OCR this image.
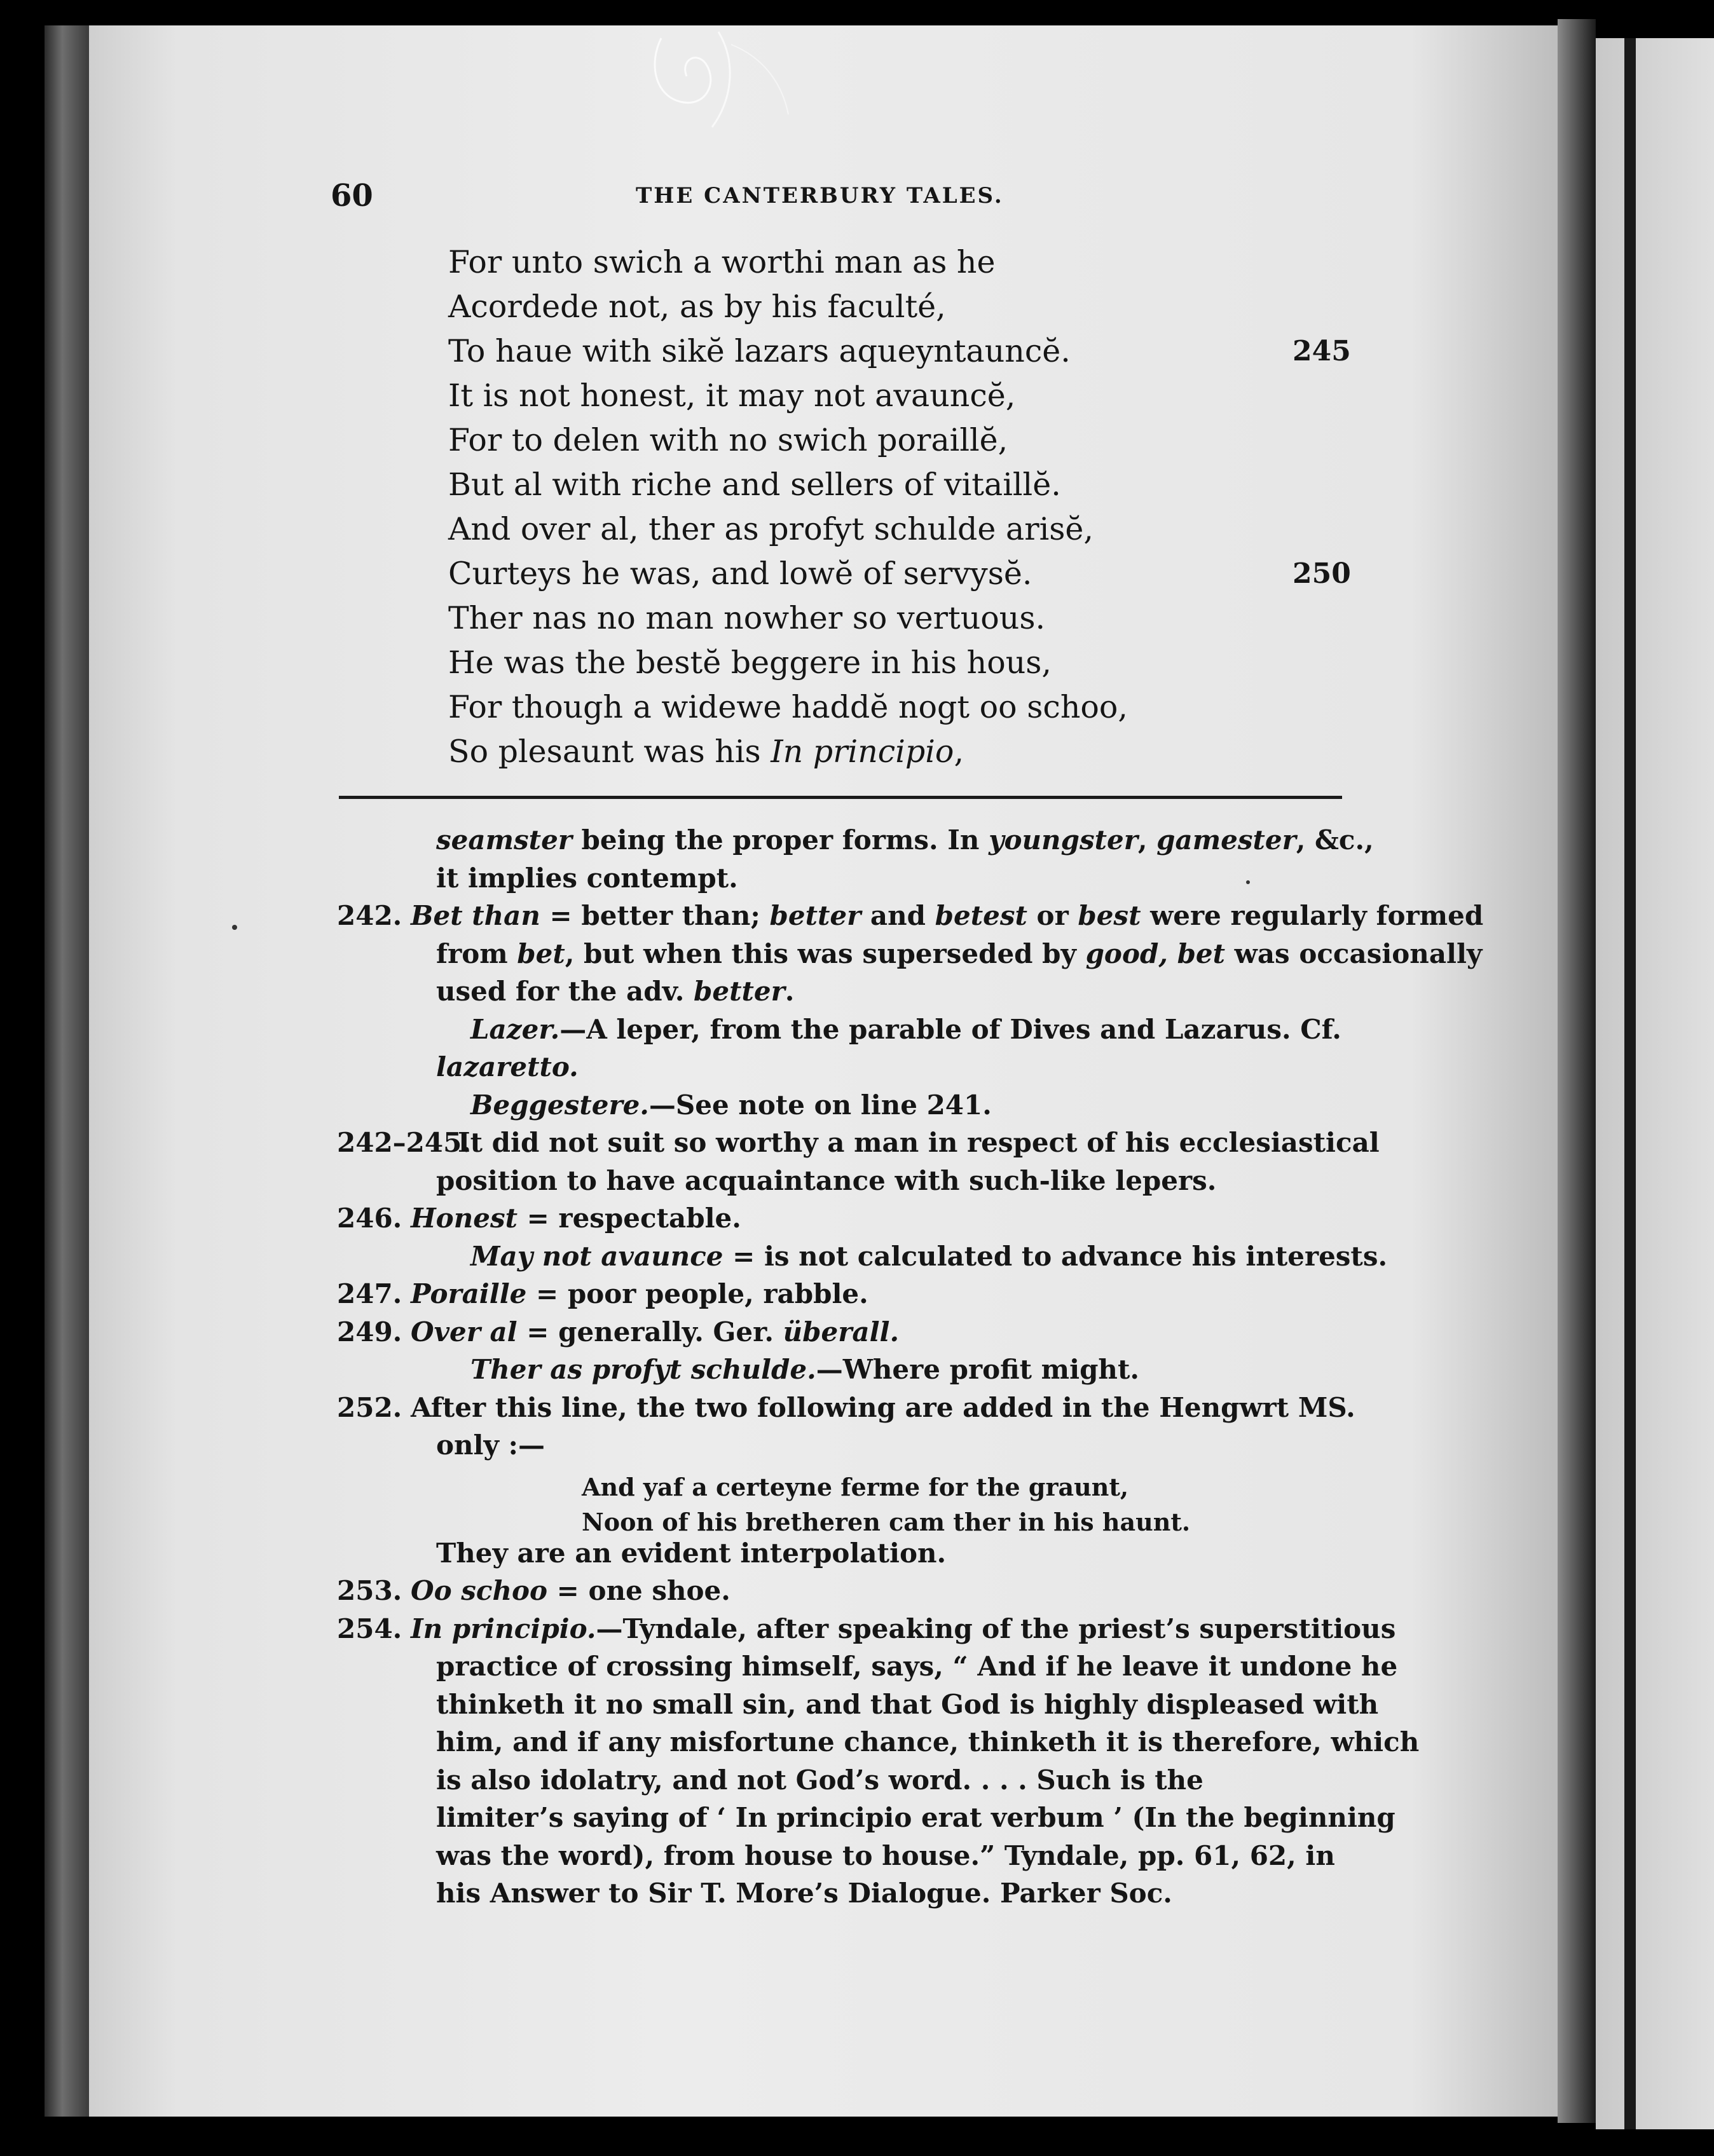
60	THE CANTERBURY TALES.
For unto swich a worthi man as he
Acordede not, as by his faculté,
To haue with sikĕ lazars aqueyntauncĕ.	245
It is not honest, it may not avauncĕ,
For to delen with no swich poraillĕ,
But al with riche and sellers of vitaillĕ.
And over al, ther as profyt schulde arisĕ,
Curteys he was, and lowĕ of servysĕ.	250
Ther nas no man nowher so vertuous.
He was the bestĕ beggere in his hous,
For though a widewe haddĕ nogt oo schoo,
So plesaunt was his In principio,
seamster being the proper forms. In youngster, gamester, &c.,
it implies contempt.
242. Bet than = better than; better and betest or best were regularly formed
from bet, but when this was superseded by good, bet was occasionally
used for the adv. better.
Lazer.—A leper, from the parable of Dives and Lazarus. Cf.
lazaretto.
Beggestere.—See note on line 241.
242–245.
It did not suit so worthy a man in respect of his ecclesiastical
position to have acquaintance with such-like lepers.
246. Honest = respectable.
May not avaunce = is not calculated to advance his interests.
247. Poraille = poor people, rabble.
249. Over al = generally. Ger. überall.
Ther as profyt schulde.—Where profit might.
252. After this line, the two following are added in the Hengwrt MS.
only :—
And yaf a certeyne ferme for the graunt,
Noon of his bretheren cam ther in his haunt.
They are an evident interpolation.
253. Oo schoo = one shoe.
254. In principio.—Tyndale, after speaking of the priest’s superstitious
practice of crossing himself, says, “ And if he leave it undone he
thinketh it no small sin, and that God is highly displeased with
him, and if any misfortune chance, thinketh it is therefore, which
is also idolatry, and not God’s word. . . . Such is the
limiter’s saying of ‘ In principio erat verbum ’ (In the beginning
was the word), from house to house.” Tyndale, pp. 61, 62, in
his Answer to Sir T. More’s Dialogue. Parker Soc.
